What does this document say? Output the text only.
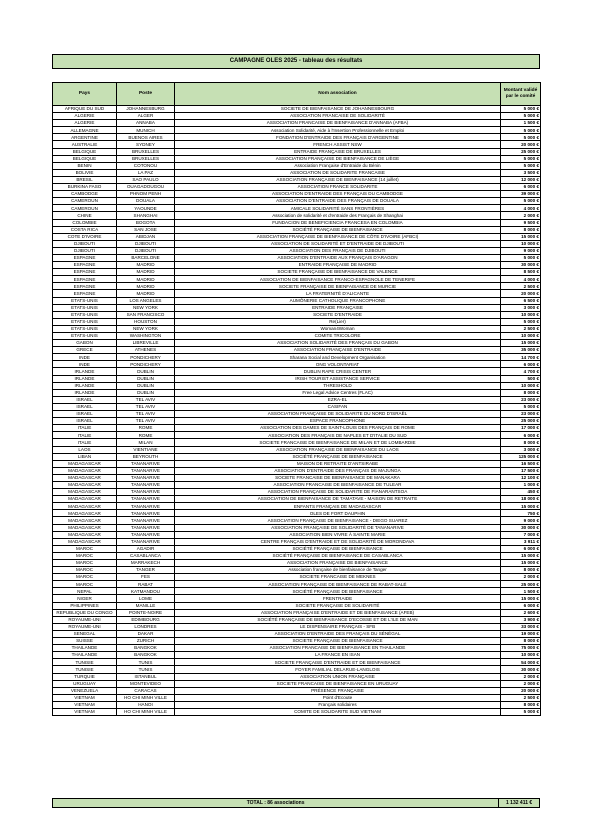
CAMPAGNE OLES 2025 - tableau des résultats
Pays	Poste	Nom association	Montant validé
par le comité
AFRIQUE DU SUD	JOHANNESBURG	SOCIETE DE BIENFAISANCE DE JOHANNESBOURG	5 000 €
ALGERIE	ALGER	ASSOCIATION FRANCAISE DE SOLIDARITÉ	5 000 €
ALGERIE	ANNABA	ASSOCIATION FRANCAISE DE BIENFAISANCE D'ANNABA (AFBA)	1 500 €
ALLEMAGNE	MUNICH	Association Solidarité, Aide à l'Insertion Professionnelle et Emploi	5 000 €
ARGENTINE	BUENOS AIRES	FONDATION D'ENTRAIDE DES FRANÇAIS D'ARGENTINE	5 000 €
AUSTRALIE	SYDNEY	FRENCH ASSIST NSW	20 000 €
BELGIQUE	BRUXELLES	ENTRAIDE FRANÇAISE DE BRUXELLES	25 000 €
BELGIQUE	BRUXELLES	ASSOCIATION FRANÇAISE DE BIENFAISANCE DE LIÈGE	5 000 €
BENIN	COTONOU	Association Française d'Entraide du Bénin	5 000 €
BOLIVIE	LA PAZ	ASSOCIATION DE SOLIDARITE FRANCAISE	3 500 €
BRESIL	SAO PAULO	ASSOCIATION FRANÇAISE DE BIENFAISANCE (14 juillet)	12 000 €
BURKINA FASO	OUAGADOUGOU	ASSOCIATION FRANCE SOLIDARITE	6 000 €
CAMBODGE	PHNOM PENH	ASSOCIATION D'ENTRAIDE DES FRANÇAIS DU CAMBODGE	39 000 €
CAMEROUN	DOUALA	ASSOCIATION D'ENTRAIDE DES FRANÇAIS DE DOUALA	5 000 €
CAMEROUN	YAOUNDE	AMICALE SOLIDARITÉ SANS FRONTIÈRES	4 000 €
CHINE	SHANGHAI	Association de solidarité et d'entraide des Français de Shanghai	2 000 €
COLOMBIE	BOGOTA	FUNDACION DE BENEFICIENCIA FRANCESA EN COLOMBIA	9 500 €
COSTA RICA	SAN JOSE	SOCIÉTÉ FRANÇAISE DE BIENFAISANCE	8 000 €
COTE D'IVOIRE	ABIDJAN	ASSOCIATION FRANÇAISE DE BIENFAISANCE DE CÔTE D'IVOIRE (AFBCI)	15 000 €
DJIBOUTI	DJIBOUTI	ASSOCIATION DE SOLIDARITÉ ET D'ENTRAIDE DE DJIBOUTI	10 000 €
DJIBOUTI	DJIBOUTI	ASSOCIATION DES FRANÇAIS DE DJIBOUTI	9 000 €
ESPAGNE	BARCELONE	ASSOCIATION D'ENTRAIDE AUX FRANÇAIS D'ARAGON	5 000 €
ESPAGNE	MADRID	ENTRAIDE FRANÇAISE DE MADRID	30 000 €
ESPAGNE	MADRID	SOCIETE FRANÇAISE DE BIENFAISANCE DE VALENCE	8 500 €
ESPAGNE	MADRID	ASSOCIATION DE BIENFAISANCE FRANCO-ESPAGNOLE DE TENERIFE	4 000 €
ESPAGNE	MADRID	SOCIETE FRANÇAISE DE BIENFAISANCE DE MURCIE	2 500 €
ESPAGNE	MADRID	LA FRATERNITÉ D'ALICANTE	20 000 €
ETATS-UNIS	LOS ANGELES	AUMÔNERIE CATHOLIQUE FRANCOPHONE	6 500 €
ETATS-UNIS	NEW YORK	ENTRAIDE FRANÇAISE	3 000 €
ETATS-UNIS	SAN FRANCISCO	SOCIETE D'ENTRAIDE	10 000 €
ETATS-UNIS	HOUSTON	Re(Lier)	5 000 €
ETATS-UNIS	NEW YORK	Woman4Woman	2 500 €
ETATS-UNIS	WASHINGTON	COMITE TRICOLORE	10 000 €
GABON	LIBREVILLE	ASSOCIATION SOLIDARITÉ DES FRANÇAIS DU GABON	15 000 €
GRECE	ATHENES	ASSOCIATION FRANÇAISE D'ENTRAIDE	35 000 €
INDE	PONDICHERY	Sharana Social and Development Organisation	14 700 €
INDE	PONDICHERY	ONG VOLONTARIAT	6 000 €
IRLANDE	DUBLIN	DUBLIN RAPE CRISIS CENTER	4 700 €
IRLANDE	DUBLIN	IRISH TOURIST ASSISTANCE SERVICE	500 €
IRLANDE	DUBLIN	THRESHOLD	10 000 €
IRLANDE	DUBLIN	Free Legal Advice Centres (FLAC)	8 000 €
ISRAEL	TEL AVIV	EZRA-EL	23 000 €
ISRAEL	TEL AVIV	CASIFAN	5 000 €
ISRAEL	TEL AVIV	ASSOCIATION FRANÇAISE DE SOLIDARITE DU NORD D'ISRAËL	23 000 €
ISRAEL	TEL AVIV	ESPACE FRANCOPHONE	25 000 €
ITALIE	ROME	ASSOCIATION DES DAMES DE SAINT-LOUIS DES FRANÇAIS DE ROME	17 000 €
ITALIE	ROME	ASSOCIATION DES FRANÇAIS DE NAPLES ET D'ITALIE DU SUD	6 000 €
ITALIE	MILAN	SOCIETE FRANCAISE DE BIENFAISANCE DE MILAN ET DE LOMBARDIE	8 000 €
LAOS	VIENTIANE	ASSOCIATION FRANÇAISE DE BIENFAISANCE DU LAOS	3 000 €
LIBAN	BEYROUTH	SOCIÉTÉ FRANÇAISE DE BIENFAISANCE	125 000 €
MADAGASCAR	TANANARIVE	MAISON DE RETRAITE D'ANTSIRABE	16 500 €
MADAGASCAR	TANANARIVE	ASSOCIATION D'ENTRAIDE DES FRANÇAIS DE MAJUNGA	17 500 €
MADAGASCAR	TANANARIVE	SOCIETE FRANCAISE DE BIENFAISANCE DE MANAKARA	12 100 €
MADAGASCAR	TANANARIVE	ASSOCIATION FRANCAISE DE BIENFAISANCE DE TULEAR	1 000 €
MADAGASCAR	TANANARIVE	ASSOCIATION FRANÇAISE DE SOLIDARITE DE FIANARANTSOA	450 €
MADAGASCAR	TANANARIVE	ASSOCIATION DE BIENFAISANCE DE TAMATAVE - MAISON DE RETRAITE	18 000 €
MADAGASCAR	TANANARIVE	ENFANTS FRANÇAIS DE MADAGASCAR	15 000 €
MADAGASCAR	TANANARIVE	OLES DE FORT DAUPHIN	750 €
MADAGASCAR	TANANARIVE	ASSOCIATION FRANÇAISE DE BIENFAISANCE - DIEGO SUAREZ	9 000 €
MADAGASCAR	TANANARIVE	ASSOCIATION FRANÇAISE DE SOLIDARITÉ DE TANANARIVE	30 000 €
MADAGASCAR	TANANARIVE	ASSOCIATION BIEN VIVRE À SAINTE MARIE	7 000 €
MADAGASCAR	TANANARIVE	CENTRE FRANÇAIS D'ENTRAIDE ET DE SOLIDARITÉ DE MORONDAVA	3 911 €
MAROC	AGADIR	SOCIÉTÉ FRANÇAISE DE BIENFAISANCE	6 000 €
MAROC	CASABLANCA	SOCIÉTÉ FRANÇAISE DE BIENFAISANCE DE CASABLANCA	15 000 €
MAROC	MARRAKECH	ASSOCIATION FRANÇAISE DE BIENFAISANCE	15 000 €
MAROC	TANGER	Association française de bienfaisance de Tanger	8 000 €
MAROC	FES	SOCIETE FRANCAISE DE MEKNES	2 000 €
MAROC	RABAT	ASSOCIATION FRANÇAISE DE BIENFAISANCE DE RABAT-SALÉ	25 000 €
NEPAL	KATMANDOU	SOCIÉTÉ FRANÇAISE DE BIENFAISANCE	1 500 €
NIGER	LOME	FRENTRAIDE	15 000 €
PHILIPPINES	MANILLE	SOCIETE FRANÇAISE DE SOLIDARITÉ	6 000 €
REPUBLIQUE DU CONGO	POINTE-NOIRE	ASSOCIATION FRANÇAISE D'ENTRAIDE ET DE BIENFAISANCE (AFEB)	2 600 €
ROYAUME-UNI	EDIMBOURG	SOCIÉTÉ FRANÇAISE DE BIENFAISANCE D'ECOSSE ET DE L'ILE DE MAN	3 900 €
ROYAUME-UNI	LONDRES	LE DISPENSAIRE FRANÇAIS - SFB	33 000 €
SENEGAL	DAKAR	ASSOCIATION D'ENTRAIDE DES FRANÇAIS DU SÉNÉGAL	19 000 €
SUISSE	ZURICH	SOCIETE FRANÇAISE DE BIENFAISANCE	8 000 €
THAILANDE	BANGKOK	ASSOCIATION FRANCAISE DE BIENFAISANCE EN THAILANDE	75 000 €
THAILANDE	BANGKOK	LA FRANCE EN ISAN	10 000 €
TUNISIE	TUNIS	SOCIETE FRANÇAISE D'ENTRAIDE ET DE BIENFAISANCE	54 000 €
TUNISIE	TUNIS	FOYER FAMILIAL DELARUE-LANGLOIS	30 000 €
TURQUIE	ISTANBUL	ASSOCIATION UNION FRANÇAISE	2 000 €
URUGUAY	MONTEVIDEO	SOCIETE FRANCAISE DE BIENFAISANCE EN URUGUAY	2 000 €
VENEZUELA	CARACAS	PRÉSENCE FRANÇAISE	20 000 €
VIETNAM	HO CHI MINH VILLE	Point d'Ecoute	2 500 €
VIETNAM	HANOI	Français solidaires	8 000 €
VIETNAM	HO CHI MINH VILLE	COMITE DE SOLIDARITE SUD VIETNAM	5 000 €
TOTAL : 86 associations	1 132 411 €
